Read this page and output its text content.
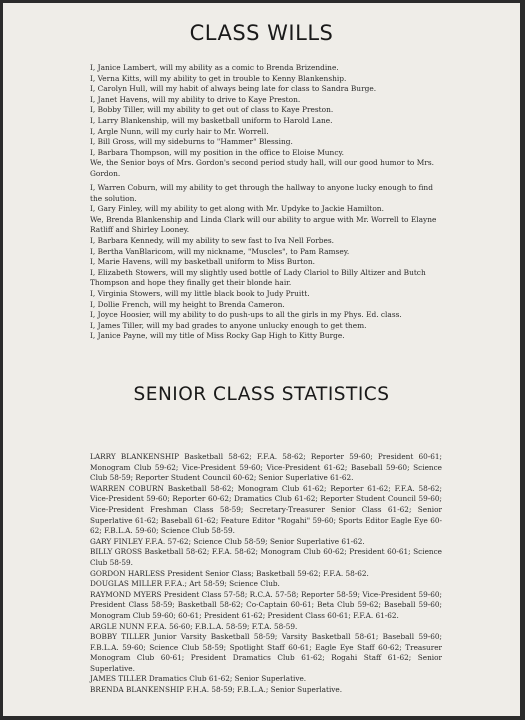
CLASS WILLS

I, Janice Lambert, will my ability as a comic to Brenda Brizendine.

I, Verna Kitts, will my ability to get in trouble to Kenny Blankenship.

I, Carolyn Hull, will my habit of always being late for class to Sandra Burge.

I, Janet Havens, will my ability to drive to Kaye Preston.

I, Bobby Tiller, will my ability to get out of class to Kaye Preston.

I, Larry Blankenship, will my basketball uniform to Harold Lane.

I, Argle Nunn, will my curly hair to Mr. Worrell.

I, Bill Gross, will my sideburns to "Hammer" Blessing.

I, Barbara Thompson, will my position in the office to Eloise Muncy.

We, the Senior boys of Mrs. Gordon's second period study hall, will our good humor to Mrs. Gordon.

I, Warren Coburn, will my ability to get through the hallway to anyone lucky enough to find the solution.

I, Gary Finley, will my ability to get along with Mr. Updyke to Jackie Hamilton.

We, Brenda Blankenship and Linda Clark will our ability to argue with Mr. Worrell to Elayne Ratliff and Shirley Looney.

I, Barbara Kennedy, will my ability to sew fast to Iva Nell Forbes.

I, Bertha VanBlaricom, will my nickname, "Muscles", to Pam Ramsey.

I, Marie Havens, will my basketball uniform to Miss Burton.

I, Elizabeth Stowers, will my slightly used bottle of Lady Clariol to Billy Altizer and Butch Thompson and hope they finally get their blonde hair.

I, Virginia Stowers, will my little black book to Judy Pruitt.

I, Dollie French, will my height to Brenda Cameron.

I, Joyce Hoosier, will my ability to do push-ups to all the girls in my Phys. Ed. class.

I, James Tiller, will my bad grades to anyone unlucky enough to get them.

I, Janice Payne, will my title of Miss Rocky Gap High to Kitty Burge.

SENIOR CLASS STATISTICS

LARRY BLANKENSHIP Basketball 58-62; F.F.A. 58-62; Reporter 59-60; President 60-61; Monogram Club 59-62; Vice-President 59-60; Vice-President 61-62; Baseball 59-60; Science Club 58-59; Reporter Student Council 60-62; Senior Superlative 61-62.

WARREN COBURN Basketball 58-62; Monogram Club 61-62; Reporter 61-62; F.F.A. 58-62; Vice-President 59-60; Reporter 60-62; Dramatics Club 61-62; Reporter Student Council 59-60; Vice-President Freshman Class 58-59; Secretary-Treasurer Senior Class 61-62; Senior Superlative 61-62; Baseball 61-62; Feature Editor "Rogahi" 59-60; Sports Editor Eagle Eye 60-62; F.B.L.A. 59-60; Science Club 58-59.

GARY FINLEY F.F.A. 57-62; Science Club 58-59; Senior Superlative 61-62.

BILLY GROSS Basketball 58-62; F.F.A. 58-62; Monogram Club 60-62; President 60-61; Science Club 58-59.

GORDON HARLESS President Senior Class; Basketball 59-62; F.F.A. 58-62.

DOUGLAS MILLER F.F.A.; Art 58-59; Science Club.

RAYMOND MYERS President Class 57-58; R.C.A. 57-58; Reporter 58-59; Vice-President 59-60; President Class 58-59; Basketball 58-62; Co-Captain 60-61; Beta Club 59-62; Baseball 59-60; Monogram Club 59-60; 60-61; President 61-62; President Class 60-61; F.F.A. 61-62.

ARGLE NUNN F.F.A. 56-60; F.B.L.A. 58-59; F.T.A. 58-59.

BOBBY TILLER Junior Varsity Basketball 58-59; Varsity Basketball 58-61; Baseball 59-60; F.B.L.A. 59-60; Science Club 58-59; Spotlight Staff 60-61; Eagle Eye Staff 60-62; Treasurer Monogram Club 60-61; President Dramatics Club 61-62; Rogahi Staff 61-62; Senior Superlative.

JAMES TILLER Dramatics Club 61-62; Senior Superlative.

BRENDA BLANKENSHIP F.H.A. 58-59; F.B.L.A.; Senior Superlative.
